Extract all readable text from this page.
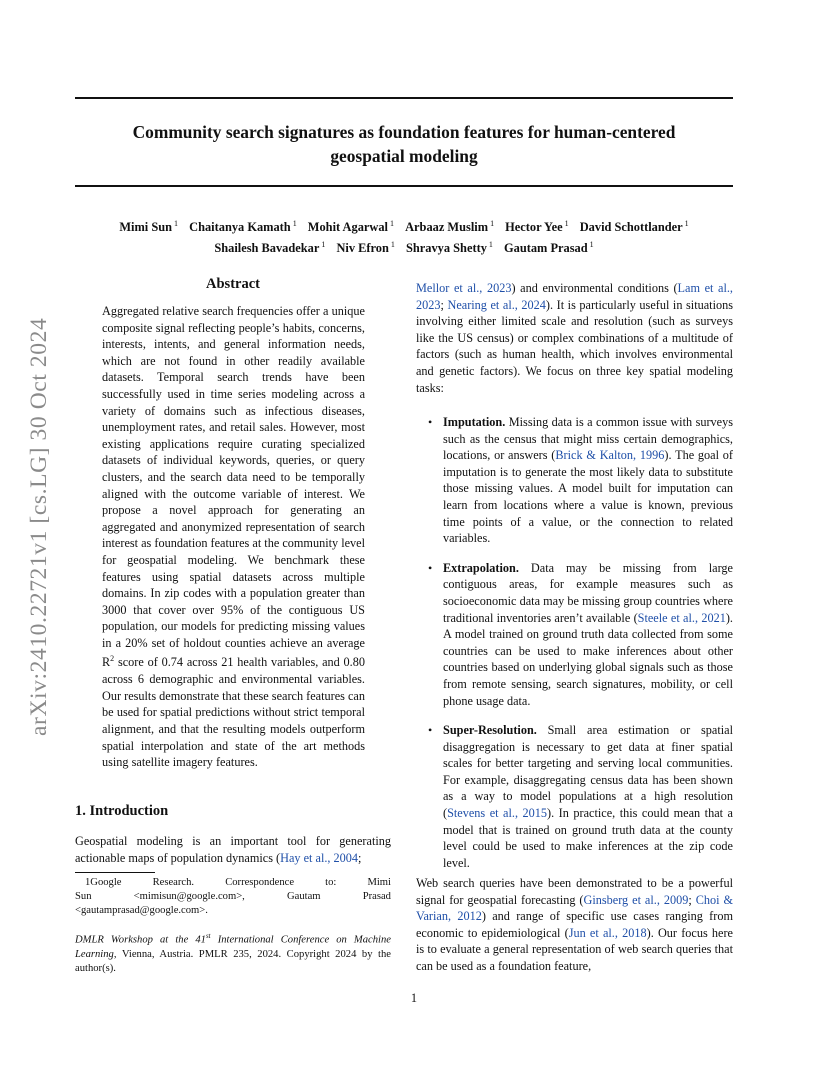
arXiv:2410.22721v1 [cs.LG] 30 Oct 2024
Community search signatures as foundation features for human-centered
geospatial modeling
Mimi Sun $^1$ Chaitanya Kamath $^1$ Mohit Agarwal $^1$ Arbaaz Muslim $^1$ Hector Yee $^1$ David Schottlander $^1$
Shailesh Bavadekar $^1$ Niv Efron $^1$ Shravya Shetty $^1$ Gautam Prasad $^1$
Abstract

Aggregated relative search frequencies offer a unique composite signal reflecting people’s habits, concerns, interests, intents, and general information needs, which are not found in other readily available datasets. Temporal search trends have been successfully used in time series modeling across a variety of domains such as infectious diseases, unemployment rates, and retail sales. However, most existing applications require curating specialized datasets of individual keywords, queries, or query clusters, and the search data need to be temporally aligned with the outcome variable of interest. We propose a novel approach for generating an aggregated and anonymized representation of search interest as foundation features at the community level for geospatial modeling. We benchmark these features using spatial datasets across multiple domains. In zip codes with a population greater than 3000 that cover over 95% of the contiguous US population, our models for predicting missing values in a 20% set of holdout counties achieve an average $R^2$ score of 0.74 across 21 health variables, and 0.80 across 6 demographic and environmental variables. Our results demonstrate that these search features can be used for spatial predictions without strict temporal alignment, and that the resulting models outperform spatial interpolation and state of the art methods using satellite imagery features.

1. Introduction

Geospatial modeling is an important tool for generating actionable maps of population dynamics (Hay et al., 2004;

1Google	Research.	Correspondence	to:	Mimi
Sun	<mimisun@google.com>,	Gautam	Prasad
<gautamprasad@google.com>.
DMLR Workshop at the 41st International Conference on Machine Learning, Vienna, Austria. PMLR 235, 2024. Copyright 2024 by the author(s).

Mellor et al., 2023) and environmental conditions (Lam et al., 2023; Nearing et al., 2024). It is particularly useful in situations involving either limited scale and resolution (such as surveys like the US census) or complex combinations of a multitude of factors (such as human health, which involves environmental and genetic factors). We focus on three key spatial modeling tasks:

• Imputation. Missing data is a common issue with surveys such as the census that might miss certain demographics, locations, or answers (Brick & Kalton, 1996). The goal of imputation is to generate the most likely data to substitute those missing values. A model built for imputation can learn from locations where a value is known, previous time points of a value, or the connection to related variables.

• Extrapolation. Data may be missing from large contiguous areas, for example measures such as socioeconomic data may be missing group countries where traditional inventories aren’t available (Steele et al., 2021). A model trained on ground truth data collected from some countries can be used to make inferences about other countries based on underlying global signals such as those from remote sensing, search signatures, mobility, or cell phone usage data.

• Super-Resolution. Small area estimation or spatial disaggregation is necessary to get data at finer spatial scales for better targeting and serving local communities. For example, disaggregating census data has been shown as a way to model populations at a high resolution (Stevens et al., 2015). In practice, this could mean that a model that is trained on ground truth data at the county level could be used to make inferences at the zip code level.

Web search queries have been demonstrated to be a powerful signal for geospatial forecasting (Ginsberg et al., 2009; Choi & Varian, 2012) and range of specific use cases ranging from economic to epidemiological (Jun et al., 2018). Our focus here is to evaluate a general representation of web search queries that can be used as a foundation feature,

1
